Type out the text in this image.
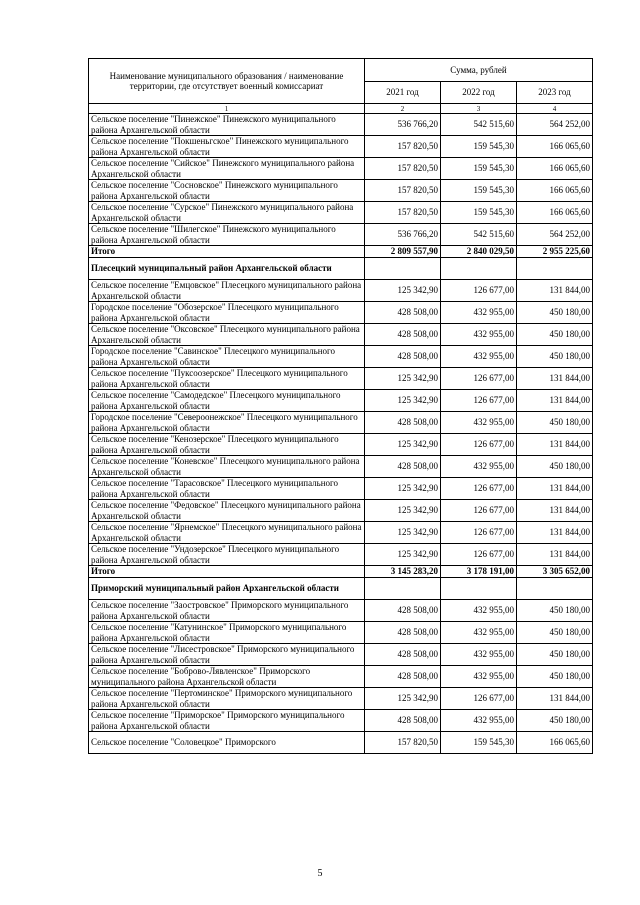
Наименование муниципального образования / наименование территории, где отсутствует военный комиссариат	Сумма, рублей		
	2021 год	2022 год	2023 год
1	2	3	4
Сельское поселение "Пинежское" Пинежского муниципального района Архангельской области	536 766,20	542 515,60	564 252,00
Сельское поселение "Покшеньгское" Пинежского муниципального района Архангельской области	157 820,50	159 545,30	166 065,60
Сельское поселение "Сийское" Пинежского муниципального района Архангельской области	157 820,50	159 545,30	166 065,60
Сельское поселение "Сосновское" Пинежского муниципального района Архангельской области	157 820,50	159 545,30	166 065,60
Сельское поселение "Сурское" Пинежского муниципального района Архангельской области	157 820,50	159 545,30	166 065,60
Сельское поселение "Шилегское" Пинежского муниципального района Архангельской области	536 766,20	542 515,60	564 252,00
Итого	2 809 557,90	2 840 029,50	2 955 225,60
Плесецкий муниципальный район Архангельской области			
Сельское поселение "Емцовское" Плесецкого муниципального района Архангельской области	125 342,90	126 677,00	131 844,00
Городское поселение "Обозерское" Плесецкого муниципального района Архангельской области	428 508,00	432 955,00	450 180,00
Сельское поселение "Оксовское" Плесецкого муниципального района Архангельской области	428 508,00	432 955,00	450 180,00
Городское поселение "Савинское" Плесецкого муниципального района Архангельской области	428 508,00	432 955,00	450 180,00
Сельское поселение "Пуксоозерское" Плесецкого муниципального района Архангельской области	125 342,90	126 677,00	131 844,00
Сельское поселение "Самодедское" Плесецкого муниципального района Архангельской области	125 342,90	126 677,00	131 844,00
Городское поселение "Североонежское" Плесецкого муниципального района Архангельской области	428 508,00	432 955,00	450 180,00
Сельское поселение "Кенозерское" Плесецкого муниципального района Архангельской области	125 342,90	126 677,00	131 844,00
Сельское поселение "Коневское" Плесецкого муниципального района Архангельской области	428 508,00	432 955,00	450 180,00
Сельское поселение "Тарасовское" Плесецкого муниципального района Архангельской области	125 342,90	126 677,00	131 844,00
Сельское поселение "Федовское" Плесецкого муниципального района Архангельской области	125 342,90	126 677,00	131 844,00
Сельское поселение "Ярнемское" Плесецкого муниципального района Архангельской области	125 342,90	126 677,00	131 844,00
Сельское поселение "Ундозерское" Плесецкого муниципального района Архангельской области	125 342,90	126 677,00	131 844,00
Итого	3 145 283,20	3 178 191,00	3 305 652,00
Приморский муниципальный район Архангельской области			
Сельское поселение "Заостровское" Приморского муниципального района Архангельской области	428 508,00	432 955,00	450 180,00
Сельское поселение "Катунинское" Приморского муниципального района Архангельской области	428 508,00	432 955,00	450 180,00
Сельское поселение "Лисестровское" Приморского муниципального района Архангельской области	428 508,00	432 955,00	450 180,00
Сельское поселение "Боброво-Лявленское" Приморского муниципального района Архангельской области	428 508,00	432 955,00	450 180,00
Сельское поселение "Пертоминское" Приморского муниципального района Архангельской области	125 342,90	126 677,00	131 844,00
Сельское поселение "Приморское" Приморского муниципального района Архангельской области	428 508,00	432 955,00	450 180,00
Сельское поселение "Соловецкое" Приморского	157 820,50	159 545,30	166 065,60
5
